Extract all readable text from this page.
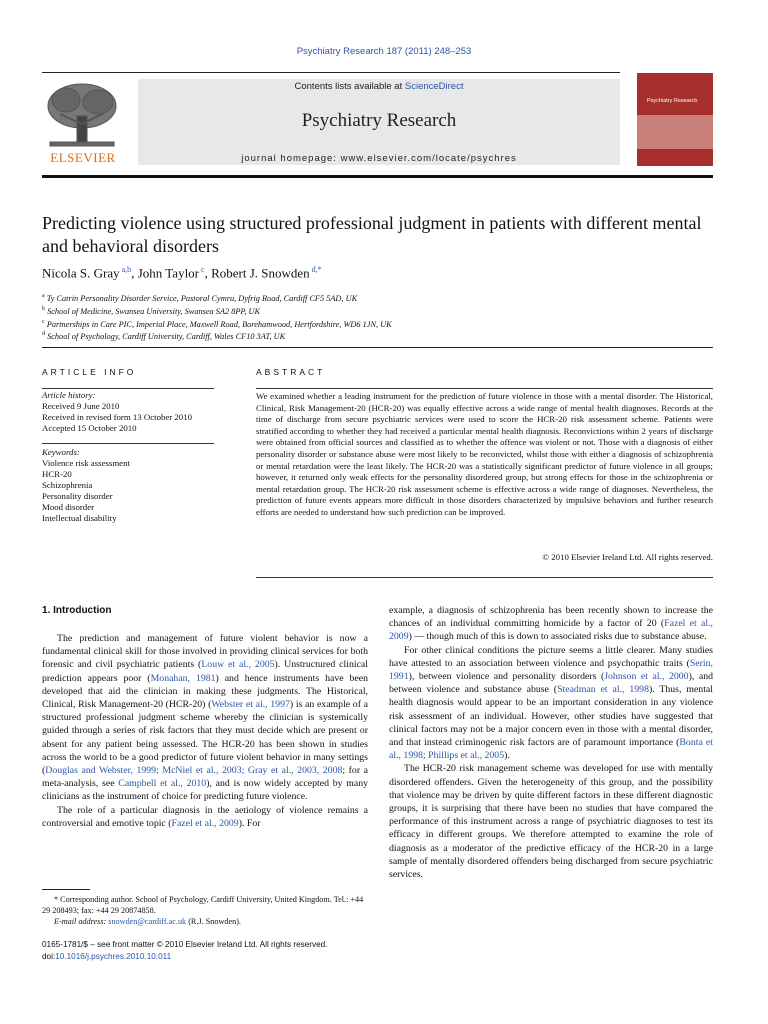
Psychiatry Research 187 (2011) 248–253
ELSEVIER
Contents lists available at ScienceDirect
Psychiatry Research
journal homepage: www.elsevier.com/locate/psychres
Psychiatry Research
Predicting violence using structured professional judgment in patients with different mental and behavioral disorders
Nicola S. Gray $^{a,b}$, John Taylor $^c$, Robert J. Snowden $^{d,*}$
$^a$ Ty Catrin Personality Disorder Service, Pastoral Cymru, Dyfrig Road, Cardiff CF5 5AD, UK
$^b$ School of Medicine, Swansea University, Swansea SA2 8PP, UK
$^c$ Partnerships in Care PIC, Imperial Place, Maxwell Road, Borehamwood, Hertfordshire, WD6 1JN, UK
$^d$ School of Psychology, Cardiff University, Cardiff, Wales CF10 3AT, UK
ARTICLE INFO	ABSTRACT
Article history:
Received 9 June 2010
Received in revised form 13 October 2010
Accepted 15 October 2010
Keywords:
Violence risk assessment
HCR-20
Schizophrenia
Personality disorder
Mood disorder
Intellectual disability
We examined whether a leading instrument for the prediction of future violence in those with a mental disorder. The Historical, Clinical, Risk Management-20 (HCR-20) was equally effective across a wide range of mental health diagnoses. Records at the time of discharge from secure psychiatric services were used to score the HCR-20 risk assessment scheme. Patients were stratified according to whether they had received a particular mental health diagnosis. Reconvictions within 2 years of discharge were obtained from official sources and classified as to whether the offence was violent or not. Those with a diagnosis of either personality disorder or substance abuse were most likely to be reconvicted, whilst those with either a diagnosis of schizophrenia or mental retardation were the least likely. The HCR-20 was a statistically significant predictor of future violence in all groups; however, it returned only weak effects for the personality disordered group, but strong effects for those in the schizophrenia or mental retardation group. The HCR-20 risk assessment scheme is effective across a wide range of diagnoses. Nevertheless, the prediction of future events appears more difficult in those disorders characterized by impulsive behaviors and further research efforts are needed to understand how such prediction can be improved.
© 2010 Elsevier Ireland Ltd. All rights reserved.
1. Introduction

The prediction and management of future violent behavior is now a fundamental clinical skill for those involved in providing clinical services for both forensic and civil psychiatric patients (Louw et al., 2005). Unstructured clinical prediction appears poor (Monahan, 1981) and hence instruments have been developed that aid the clinician in making these judgments. The Historical, Clinical, Risk Management-20 (HCR-20) (Webster et al., 1997) is an example of a structured professional judgment scheme whereby the clinician is systemically guided through a series of risk factors that they must decide which are present or absent for any patient being assessed. The HCR-20 has been shown in studies across the world to be a good predictor of future violent behavior in many settings (Douglas and Webster, 1999; McNiel et al., 2003; Gray et al., 2003, 2008; for a meta-analysis, see Campbell et al., 2010), and is now widely accepted by many clinicians as the instrument of choice for predicting future violence.

The role of a particular diagnosis in the aetiology of violence remains a controversial and emotive topic (Fazel et al., 2009). For

example, a diagnosis of schizophrenia has been recently shown to increase the chances of an individual committing homicide by a factor of 20 (Fazel et al., 2009) — though much of this is down to associated risks due to substance abuse.

For other clinical conditions the picture seems a little clearer. Many studies have attested to an association between violence and psychopathic traits (Serin, 1991), between violence and personality disorders (Johnson et al., 2000), and between violence and substance abuse (Steadman et al., 1998). Thus, mental health diagnosis would appear to be an important consideration in any violence risk assessment of an individual. However, other studies have suggested that clinical factors may not be a major concern even in those with a mental disorder, and that instead criminogenic risk factors are of paramount importance (Bonta et al., 1998; Phillips et al., 2005).

The HCR-20 risk management scheme was developed for use with mentally disordered offenders. Given the heterogeneity of this group, and the possibility that violence may be driven by quite different factors in these different diagnostic groups, it is surprising that there have been no studies that have compared the performance of this instrument across a range of psychiatric diagnoses to test its efficacy in different groups. We therefore attempted to examine the role of diagnosis as a moderator of the predictive efficacy of the HCR-20 in a large sample of mentally disordered offenders being discharged from secure psychiatric services.

* Corresponding author. School of Psychology, Cardiff University, United Kingdom. Tel.: +44 29 208493; fax: +44 29 20874858.

E-mail address: snowden@cardiff.ac.uk (R.J. Snowden).

0165-1781/$ – see front matter © 2010 Elsevier Ireland Ltd. All rights reserved.
doi:10.1016/j.psychres.2010.10.011
